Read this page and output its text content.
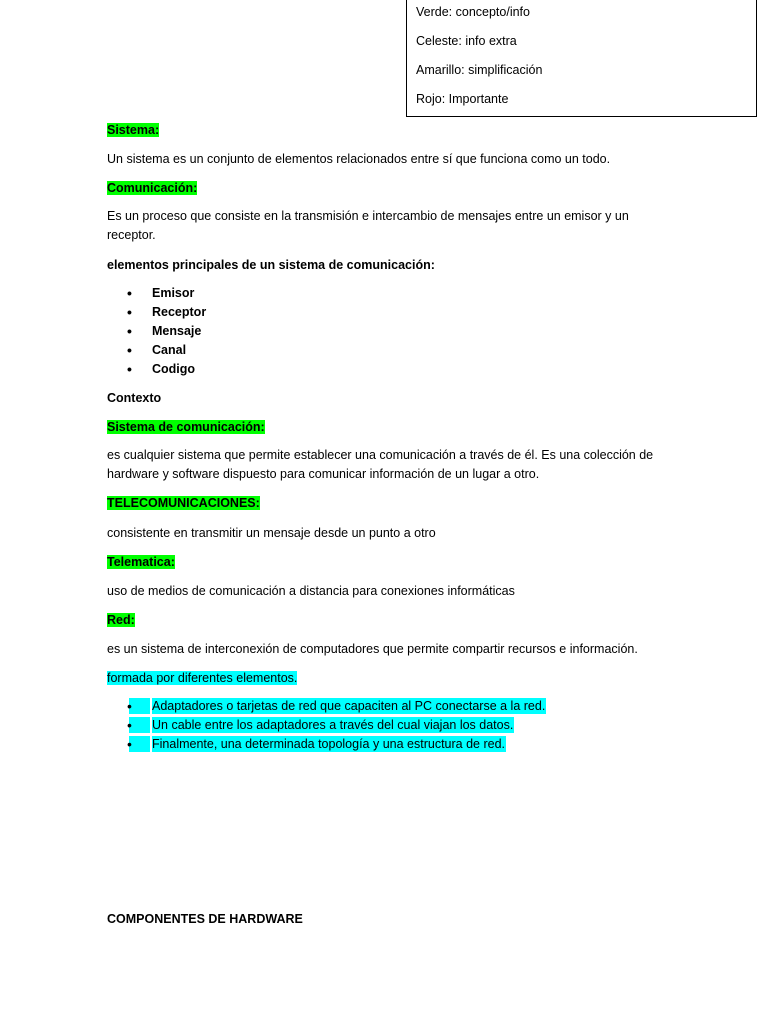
Verde: concepto/info
Celeste: info extra
Amarillo: simplificación
Rojo: Importante
Sistema:
Un sistema es un conjunto de elementos relacionados entre sí que funciona como un todo.
Comunicación:
Es un proceso que consiste en la transmisión e intercambio de mensajes entre un emisor y un receptor.
elementos principales de un sistema de comunicación:
• Emisor
• Receptor
• Mensaje
• Canal
• Codigo
Contexto
Sistema de comunicación:
es cualquier sistema que permite establecer una comunicación a través de él. Es una colección de hardware y software dispuesto para comunicar información de un lugar a otro.
TELECOMUNICACIONES:
consistente en transmitir un mensaje desde un punto a otro
Telematica:
uso de medios de comunicación a distancia para conexiones informáticas
Red:
es un sistema de interconexión de computadores que permite compartir recursos e información.
formada por diferentes elementos.
• Adaptadores o tarjetas de red que capaciten al PC conectarse a la red.
• Un cable entre los adaptadores a través del cual viajan los datos.
• Finalmente, una determinada topología y una estructura de red.
COMPONENTES DE HARDWARE
